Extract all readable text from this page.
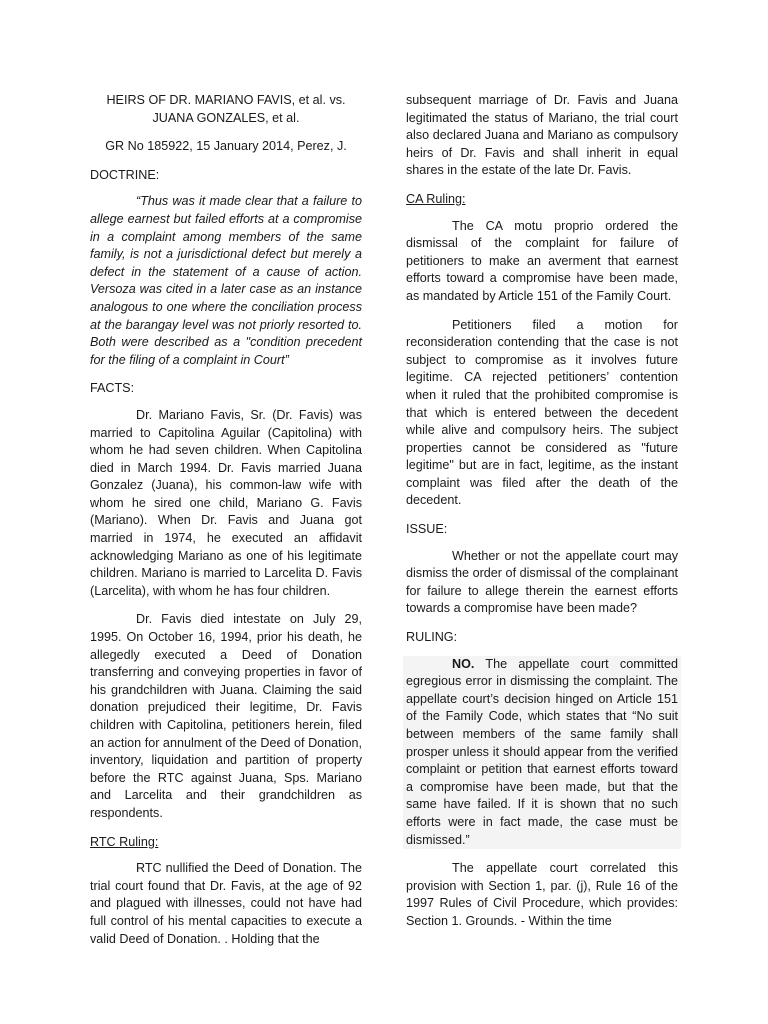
HEIRS OF DR. MARIANO FAVIS, et al. vs. JUANA GONZALES, et al.
GR No 185922, 15 January 2014, Perez, J.
DOCTRINE:

“Thus was it made clear that a failure to allege earnest but failed efforts at a compromise in a complaint among members of the same family, is not a jurisdictional defect but merely a defect in the statement of a cause of action. Versoza was cited in a later case as an instance analogous to one where the conciliation process at the barangay level was not priorly resorted to. Both were described as a "condition precedent for the filing of a complaint in Court”

FACTS:

Dr. Mariano Favis, Sr. (Dr. Favis) was married to Capitolina Aguilar (Capitolina) with whom he had seven children. When Capitolina died in March 1994. Dr. Favis married Juana Gonzalez (Juana), his common-law wife with whom he sired one child, Mariano G. Favis (Mariano). When Dr. Favis and Juana got married in 1974, he executed an affidavit acknowledging Mariano as one of his legitimate children. Mariano is married to Larcelita D. Favis (Larcelita), with whom he has four children.

Dr. Favis died intestate on July 29, 1995. On October 16, 1994, prior his death, he allegedly executed a Deed of Donation transferring and conveying properties in favor of his grandchildren with Juana. Claiming the said donation prejudiced their legitime, Dr. Favis children with Capitolina, petitioners herein, filed an action for annulment of the Deed of Donation, inventory, liquidation and partition of property before the RTC against Juana, Sps. Mariano and Larcelita and their grandchildren as respondents.

RTC Ruling:

RTC nullified the Deed of Donation. The trial court found that Dr. Favis, at the age of 92 and plagued with illnesses, could not have had full control of his mental capacities to execute a valid Deed of Donation. . Holding that the

subsequent marriage of Dr. Favis and Juana legitimated the status of Mariano, the trial court also declared Juana and Mariano as compulsory heirs of Dr. Favis and shall inherit in equal shares in the estate of the late Dr. Favis.

CA Ruling:

The CA motu proprio ordered the dismissal of the complaint for failure of petitioners to make an averment that earnest efforts toward a compromise have been made, as mandated by Article 151 of the Family Court.

Petitioners filed a motion for reconsideration contending that the case is not subject to compromise as it involves future legitime. CA rejected petitioners’ contention when it ruled that the prohibited compromise is that which is entered between the decedent while alive and compulsory heirs. The subject properties cannot be considered as "future legitime" but are in fact, legitime, as the instant complaint was filed after the death of the decedent.

ISSUE:

Whether or not the appellate court may dismiss the order of dismissal of the complainant for failure to allege therein the earnest efforts towards a compromise have been made?

RULING:

NO. The appellate court committed egregious error in dismissing the complaint. The appellate court’s decision hinged on Article 151 of the Family Code, which states that “No suit between members of the same family shall prosper unless it should appear from the verified complaint or petition that earnest efforts toward a compromise have been made, but that the same have failed. If it is shown that no such efforts were in fact made, the case must be dismissed.”

The appellate court correlated this provision with Section 1, par. (j), Rule 16 of the 1997 Rules of Civil Procedure, which provides: Section 1. Grounds. - Within the time
